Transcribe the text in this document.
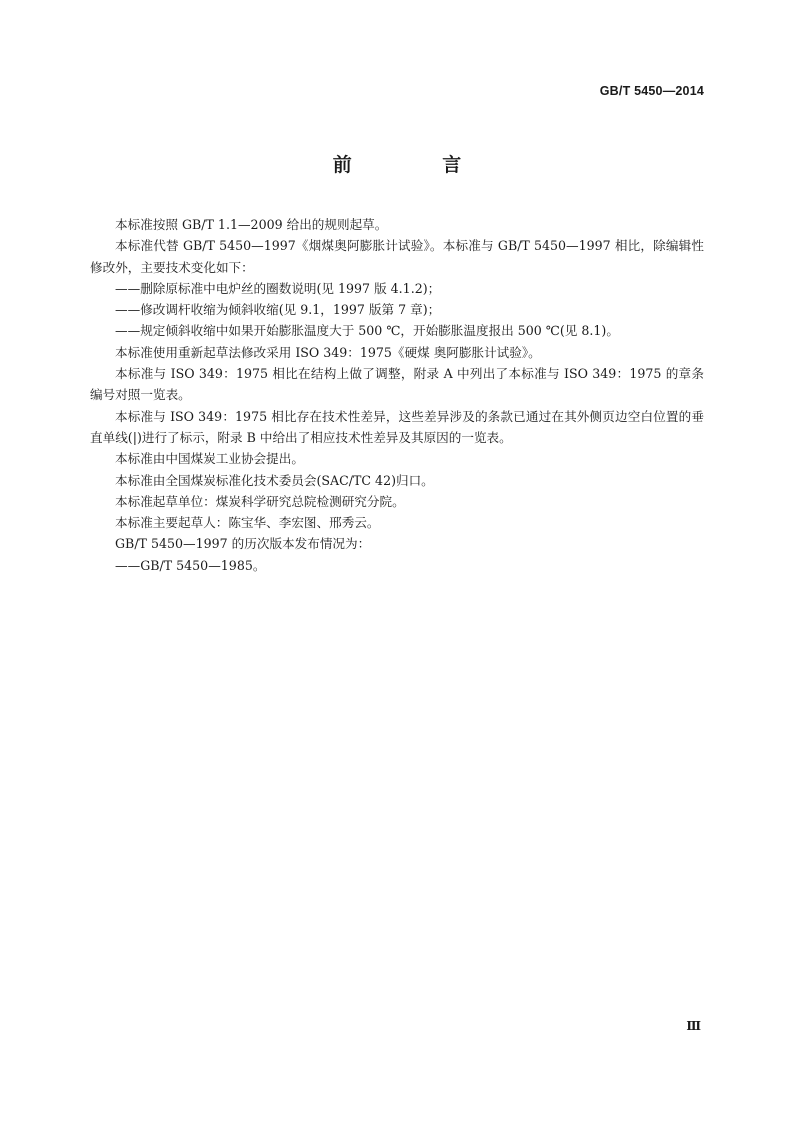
GB/T 5450—2014
前 言

本标准按照 GB/T 1.1—2009 给出的规则起草。

本标准代替 GB/T 5450—1997《烟煤奥阿膨胀计试验》。本标准与 GB/T 5450—1997 相比，除编辑性修改外，主要技术变化如下：

——删除原标准中电炉丝的圈数说明(见 1997 版 4.1.2)；

——修改调杆收缩为倾斜收缩(见 9.1，1997 版第 7 章)；

——规定倾斜收缩中如果开始膨胀温度大于 500 ℃，开始膨胀温度报出 500 ℃(见 8.1)。

本标准使用重新起草法修改采用 ISO 349：1975《硬煤 奥阿膨胀计试验》。

本标准与 ISO 349：1975 相比在结构上做了调整，附录 A 中列出了本标准与 ISO 349：1975 的章条编号对照一览表。

本标准与 ISO 349：1975 相比存在技术性差异，这些差异涉及的条款已通过在其外侧页边空白位置的垂直单线(|)进行了标示，附录 B 中给出了相应技术性差异及其原因的一览表。

本标准由中国煤炭工业协会提出。

本标准由全国煤炭标准化技术委员会(SAC/TC 42)归口。

本标准起草单位：煤炭科学研究总院检测研究分院。

本标准主要起草人：陈宝华、李宏图、邢秀云。

GB/T 5450—1997 的历次版本发布情况为：

——GB/T 5450—1985。

Ⅲ
